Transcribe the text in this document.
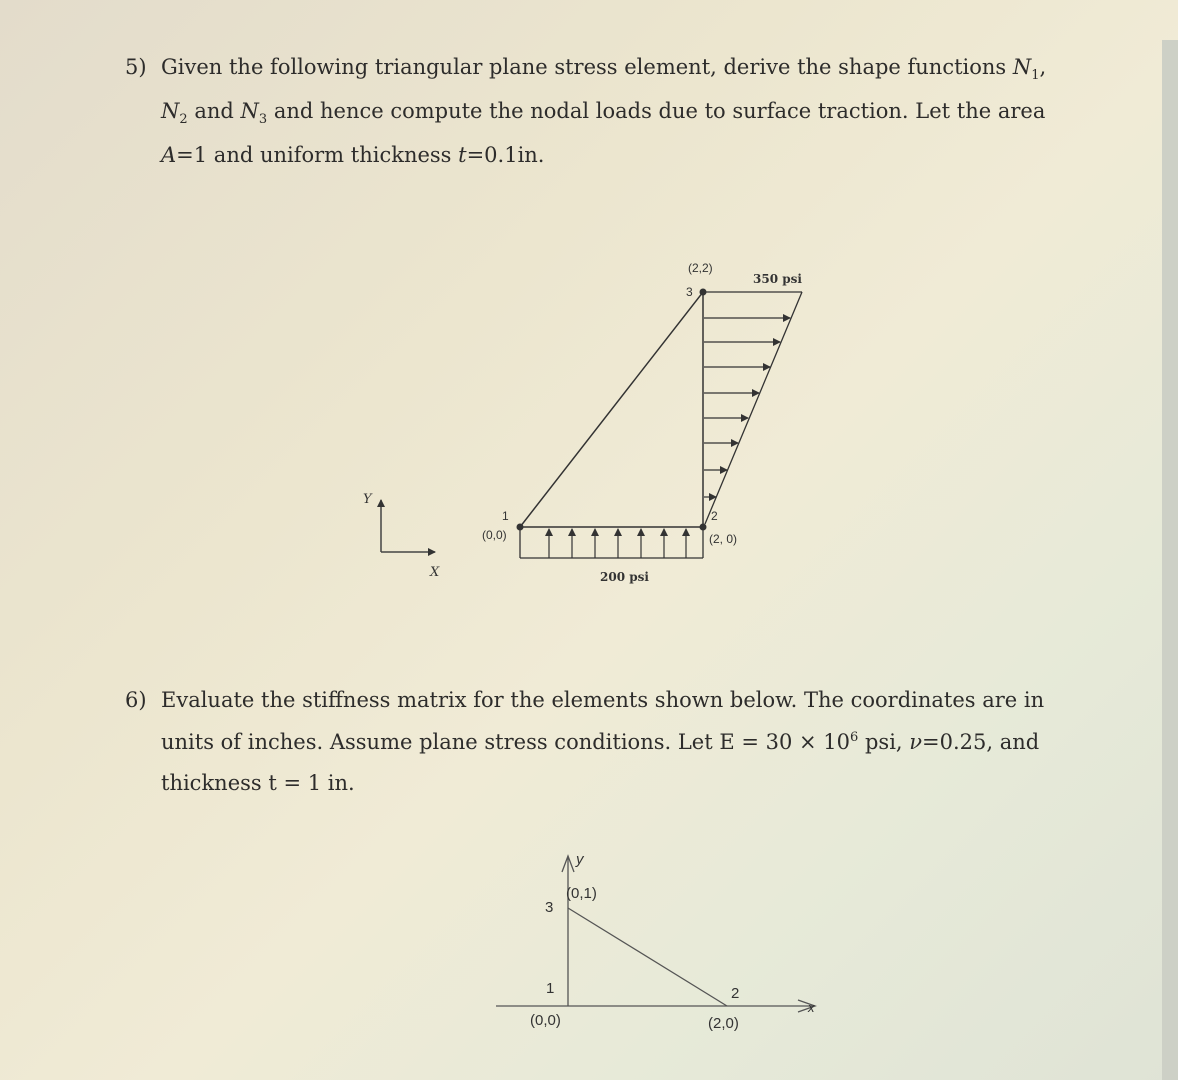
5) Given the following triangular plane stress element, derive the shape functions $N_1$,
$N_2$ and $N_3$ and hence compute the nodal loads due to surface traction. Let the area
A=1 and uniform thickness t=0.1in.
Y
X
1
(0,0)
2
(2, 0)
3
(2,2)
350 psi
200 psi
6) Evaluate the stiffness matrix for the elements shown below. The coordinates are in
units of inches. Assume plane stress conditions. Let $E = 30 \times 10^6$ psi, ν=0.25, and
thickness t = 1 in.
y
x
3
(0,1)
1
(0,0)
2
(2,0)
